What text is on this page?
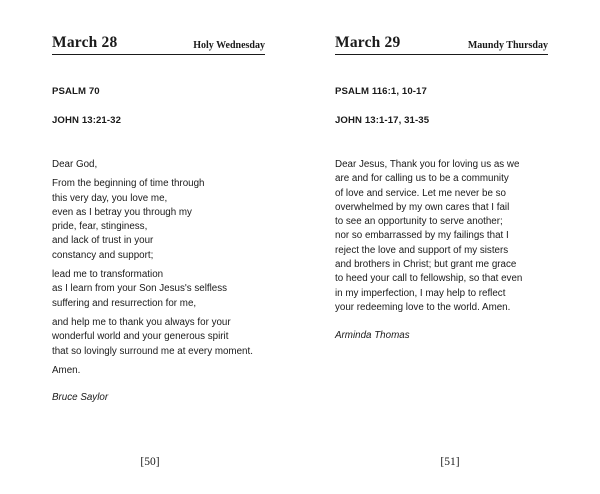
March 28	Holy Wednesday
PSALM 70
JOHN 13:21-32
Dear God,
From the beginning of time through
this very day, you love me,
even as I betray you through my
pride, fear, stinginess,
and lack of trust in your
constancy and support;
lead me to transformation
as I learn from your Son Jesus's selfless
suffering and resurrection for me,
and help me to thank you always for your
wonderful world and your generous spirit
that so lovingly surround me at every moment.
Amen.
Bruce Saylor
[50]
March 29	Maundy Thursday
PSALM 116:1, 10-17
JOHN 13:1-17, 31-35
Dear Jesus, Thank you for loving us as we
are and for calling us to be a community
of love and service. Let me never be so
overwhelmed by my own cares that I fail
to see an opportunity to serve another;
nor so embarrassed by my failings that I
reject the love and support of my sisters
and brothers in Christ; but grant me grace
to heed your call to fellowship, so that even
in my imperfection, I may help to reflect
your redeeming love to the world. Amen.
Arminda Thomas
[51]
